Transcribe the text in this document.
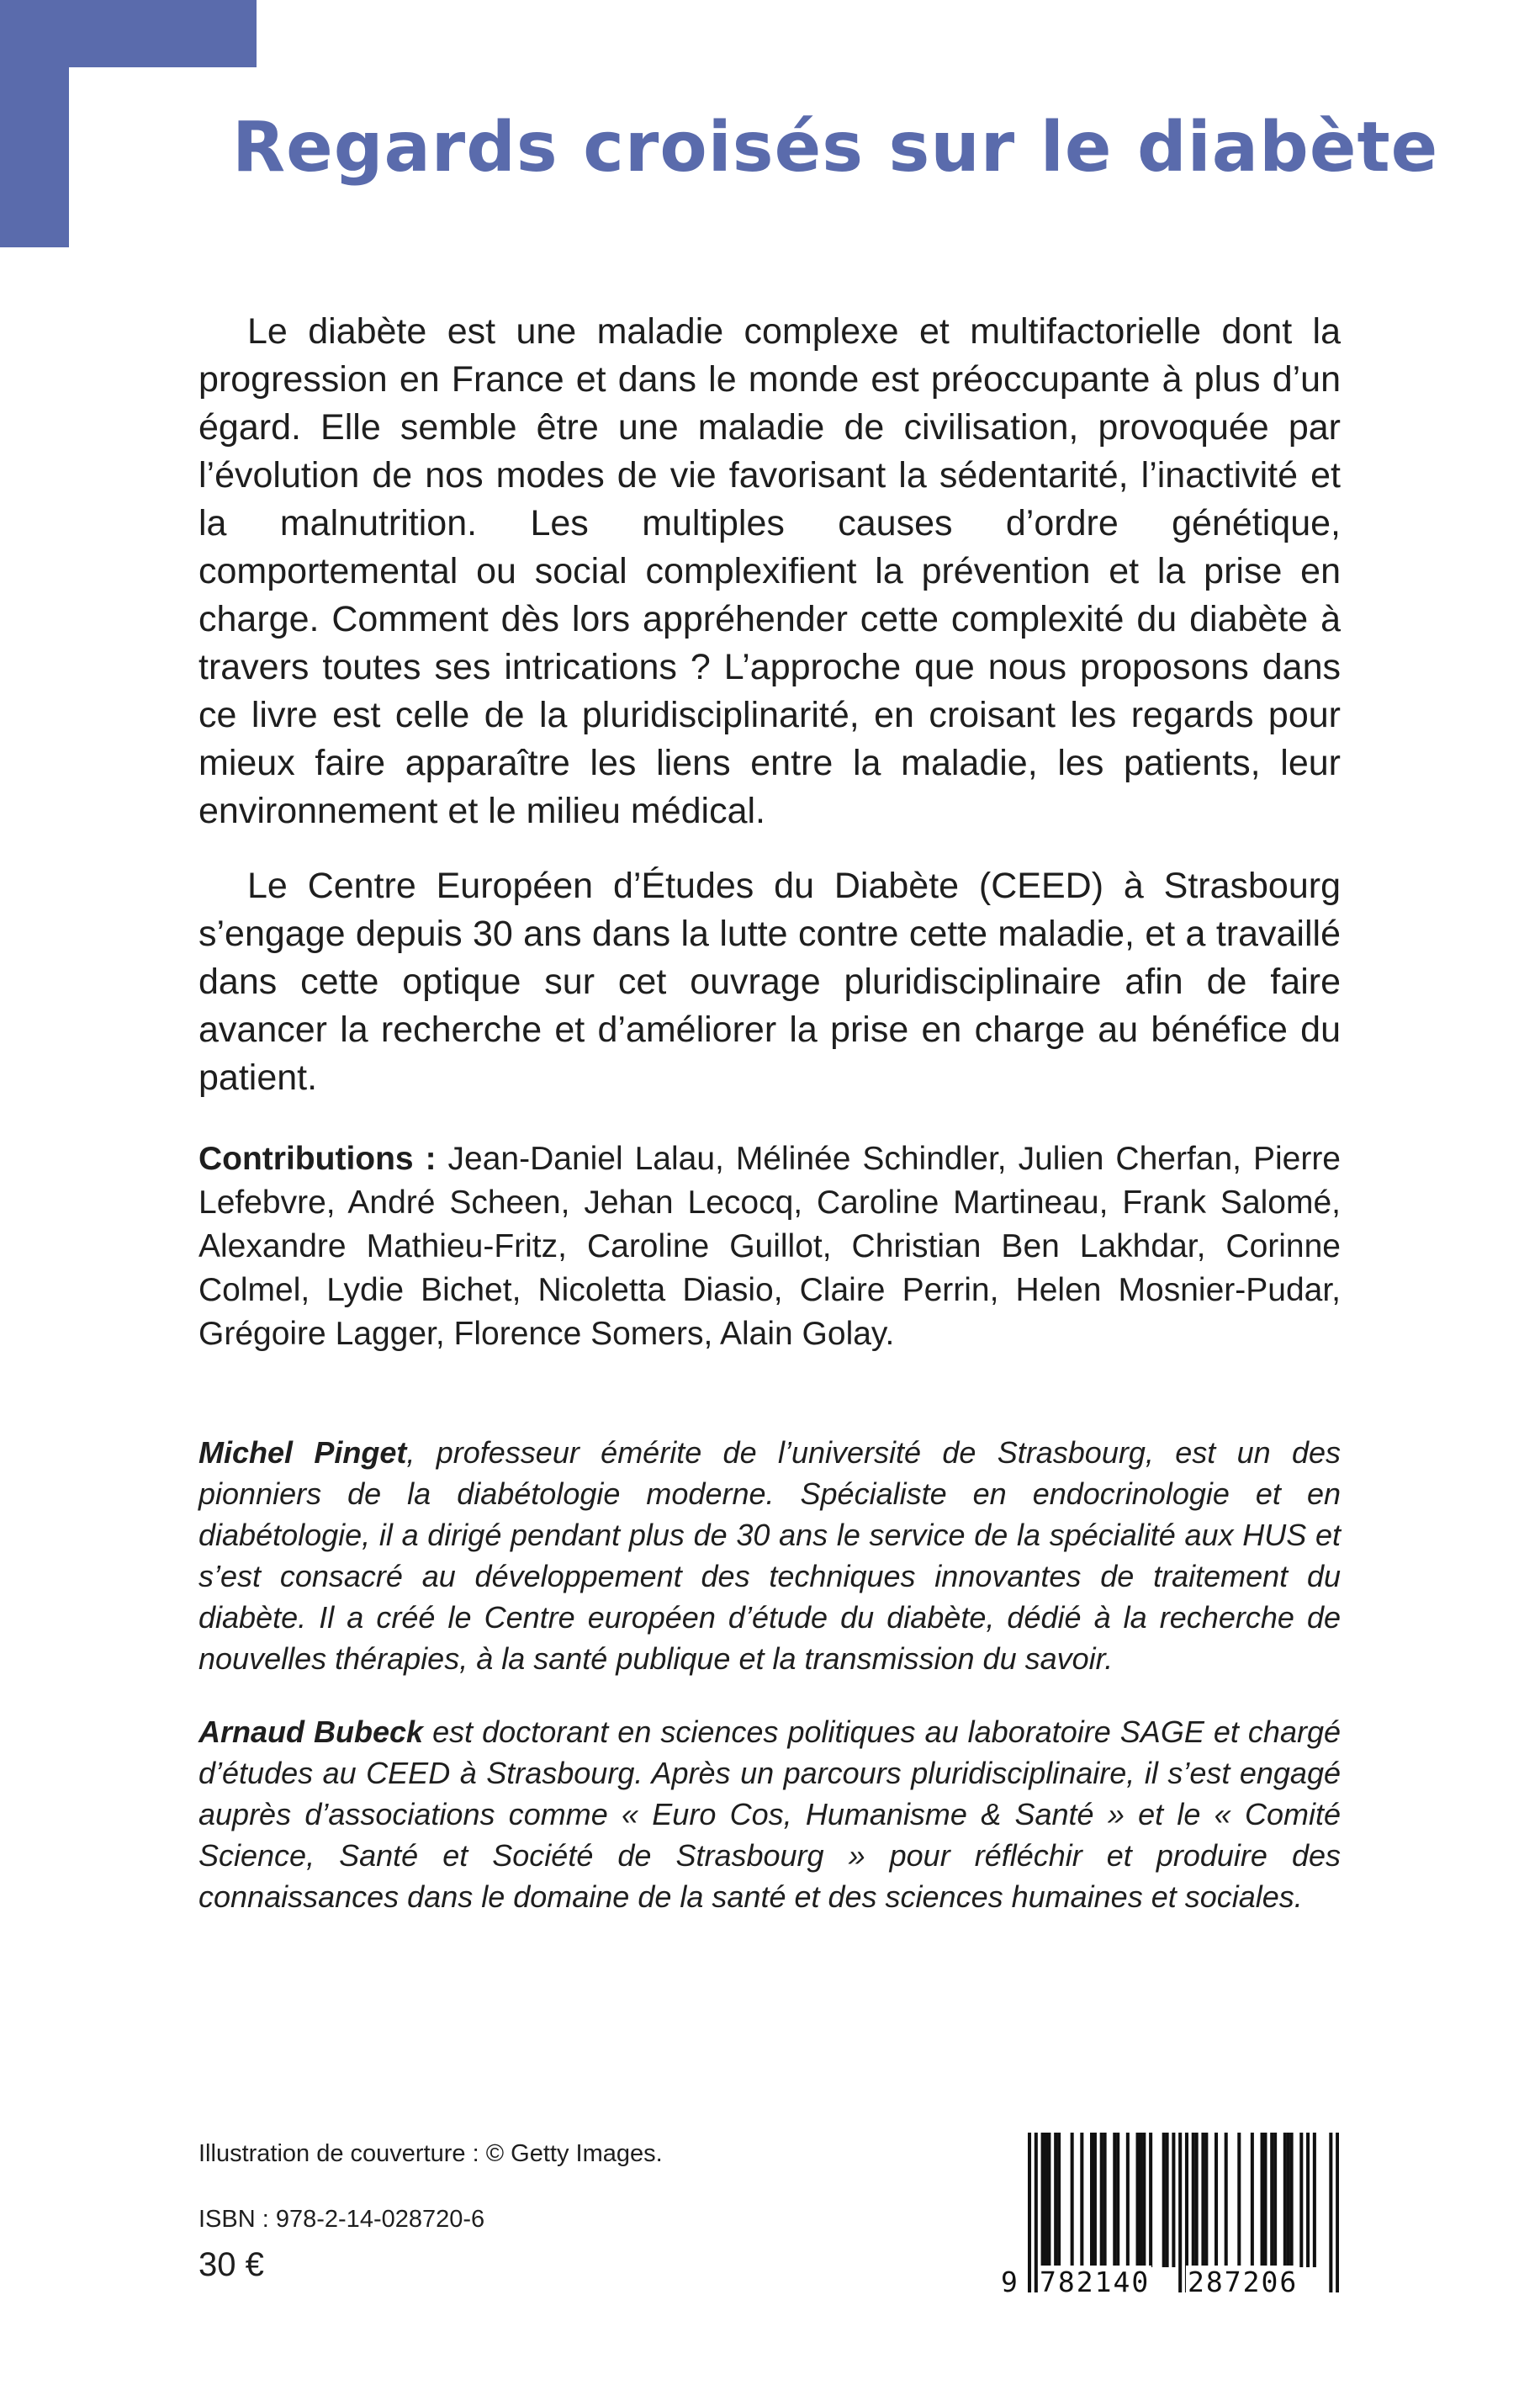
Regards croisés sur le diabète

Le diabète est une maladie complexe et multifactorielle dont la progression en France et dans le monde est préoccupante à plus d’un égard. Elle semble être une maladie de civilisation, provoquée par l’évolution de nos modes de vie favorisant la sédentarité, l’inactivité et la malnutrition. Les multiples causes d’ordre génétique, comportemental ou social complexifient la prévention et la prise en charge. Comment dès lors appréhender cette complexité du diabète à travers toutes ses intrications ? L’approche que nous proposons dans ce livre est celle de la pluridisciplinarité, en croisant les regards pour mieux faire apparaître les liens entre la maladie, les patients, leur environnement et le milieu médical.

Le Centre Européen d’Études du Diabète (CEED) à Strasbourg s’engage depuis 30 ans dans la lutte contre cette maladie, et a travaillé dans cette optique sur cet ouvrage pluridisciplinaire afin de faire avancer la recherche et d’améliorer la prise en charge au bénéfice du patient.

Contributions : Jean-Daniel Lalau, Mélinée Schindler, Julien Cherfan, Pierre Lefebvre, André Scheen, Jehan Lecocq, Caroline Martineau, Frank Salomé, Alexandre Mathieu-Fritz, Caroline Guillot, Christian Ben Lakhdar, Corinne Colmel, Lydie Bichet, Nicoletta Diasio, Claire Perrin, Helen Mosnier-Pudar, Grégoire Lagger, Florence Somers, Alain Golay.

Michel Pinget, professeur émérite de l’université de Strasbourg, est un des pionniers de la diabétologie moderne. Spécialiste en endocrinologie et en diabétologie, il a dirigé pendant plus de 30 ans le service de la spécialité aux HUS et s’est consacré au développement des techniques innovantes de traitement du diabète. Il a créé le Centre européen d’étude du diabète, dédié à la recherche de nouvelles thérapies, à la santé publique et la transmission du savoir.

Arnaud Bubeck est doctorant en sciences politiques au laboratoire SAGE et chargé d’études au CEED à Strasbourg. Après un parcours pluridisciplinaire, il s’est engagé auprès d’associations comme « Euro Cos, Humanisme & Santé » et le « Comité Science, Santé et Société de Strasbourg » pour réfléchir et produire des connaissances dans le domaine de la santé et des sciences humaines et sociales.

Illustration de couverture : © Getty Images.

ISBN : 978-2-14-028720-6

30 €	9 782140 287206
